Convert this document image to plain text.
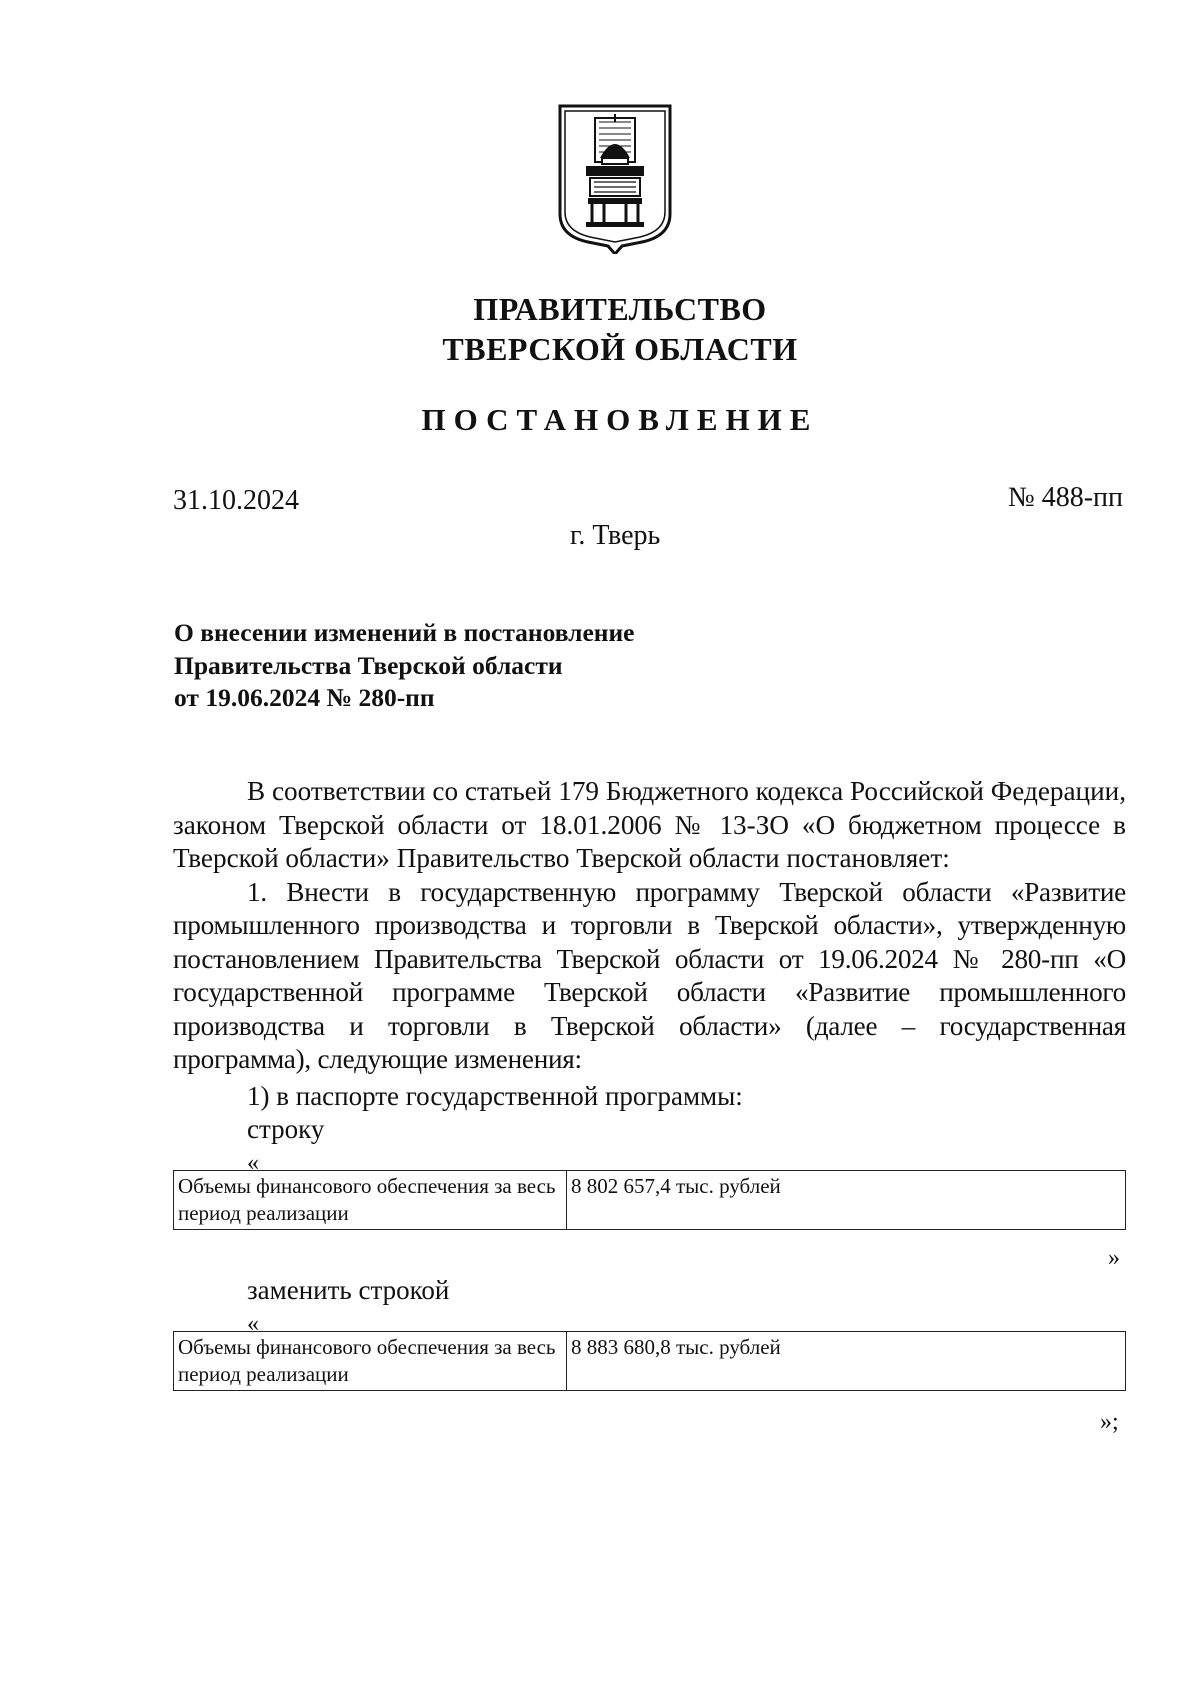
ПРАВИТЕЛЬСТВО
ТВЕРСКОЙ ОБЛАСТИ
ПОСТАНОВЛЕНИЕ
31.10.2024	№ 488-пп
г. Тверь
О внесении изменений в постановление
Правительства Тверской области
от 19.06.2024 № 280-пп

В соответствии со статьей 179 Бюджетного кодекса Российской Федерации, законом Тверской области от 18.01.2006 № 13-ЗО «О бюджетном процессе в Тверской области» Правительство Тверской области постановляет:

1. Внести в государственную программу Тверской области «Развитие промышленного производства и торговли в Тверской области», утвержденную постановлением Правительства Тверской области от 19.06.2024 № 280-пп «О государственной программе Тверской области «Развитие промышленного производства и торговли в Тверской области» (далее – государственная программа), следующие изменения:

1) в паспорте государственной программы:
строку
«
Объемы финансового обеспечения за весь период реализации	8 802 657,4 тыс. рублей
»
заменить строкой
«
Объемы финансового обеспечения за весь период реализации	8 883 680,8 тыс. рублей
»;
